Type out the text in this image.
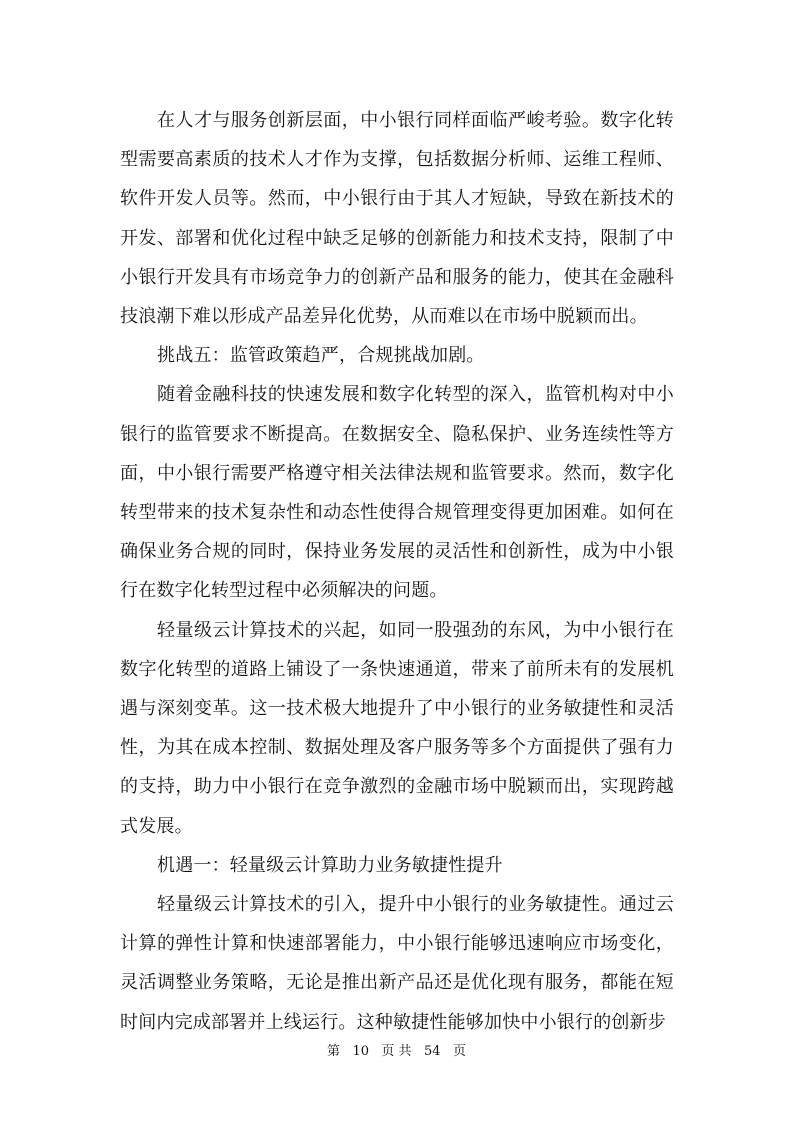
在人才与服务创新层面，中小银行同样面临严峻考验。数字化转型需要高素质的技术人才作为支撑，包括数据分析师、运维工程师、软件开发人员等。然而，中小银行由于其人才短缺，导致在新技术的开发、部署和优化过程中缺乏足够的创新能力和技术支持，限制了中小银行开发具有市场竞争力的创新产品和服务的能力，使其在金融科技浪潮下难以形成产品差异化优势，从而难以在市场中脱颖而出。

挑战五：监管政策趋严，合规挑战加剧。

随着金融科技的快速发展和数字化转型的深入，监管机构对中小银行的监管要求不断提高。在数据安全、隐私保护、业务连续性等方面，中小银行需要严格遵守相关法律法规和监管要求。然而，数字化转型带来的技术复杂性和动态性使得合规管理变得更加困难。如何在确保业务合规的同时，保持业务发展的灵活性和创新性，成为中小银行在数字化转型过程中必须解决的问题。

轻量级云计算技术的兴起，如同一股强劲的东风，为中小银行在数字化转型的道路上铺设了一条快速通道，带来了前所未有的发展机遇与深刻变革。这一技术极大地提升了中小银行的业务敏捷性和灵活性，为其在成本控制、数据处理及客户服务等多个方面提供了强有力的支持，助力中小银行在竞争激烈的金融市场中脱颖而出，实现跨越式发展。

机遇一：轻量级云计算助力业务敏捷性提升

轻量级云计算技术的引入，提升中小银行的业务敏捷性。通过云计算的弹性计算和快速部署能力，中小银行能够迅速响应市场变化，灵活调整业务策略，无论是推出新产品还是优化现有服务，都能在短时间内完成部署并上线运行。这种敏捷性能够加快中小银行的创新步

第 10 页 共 54 页
